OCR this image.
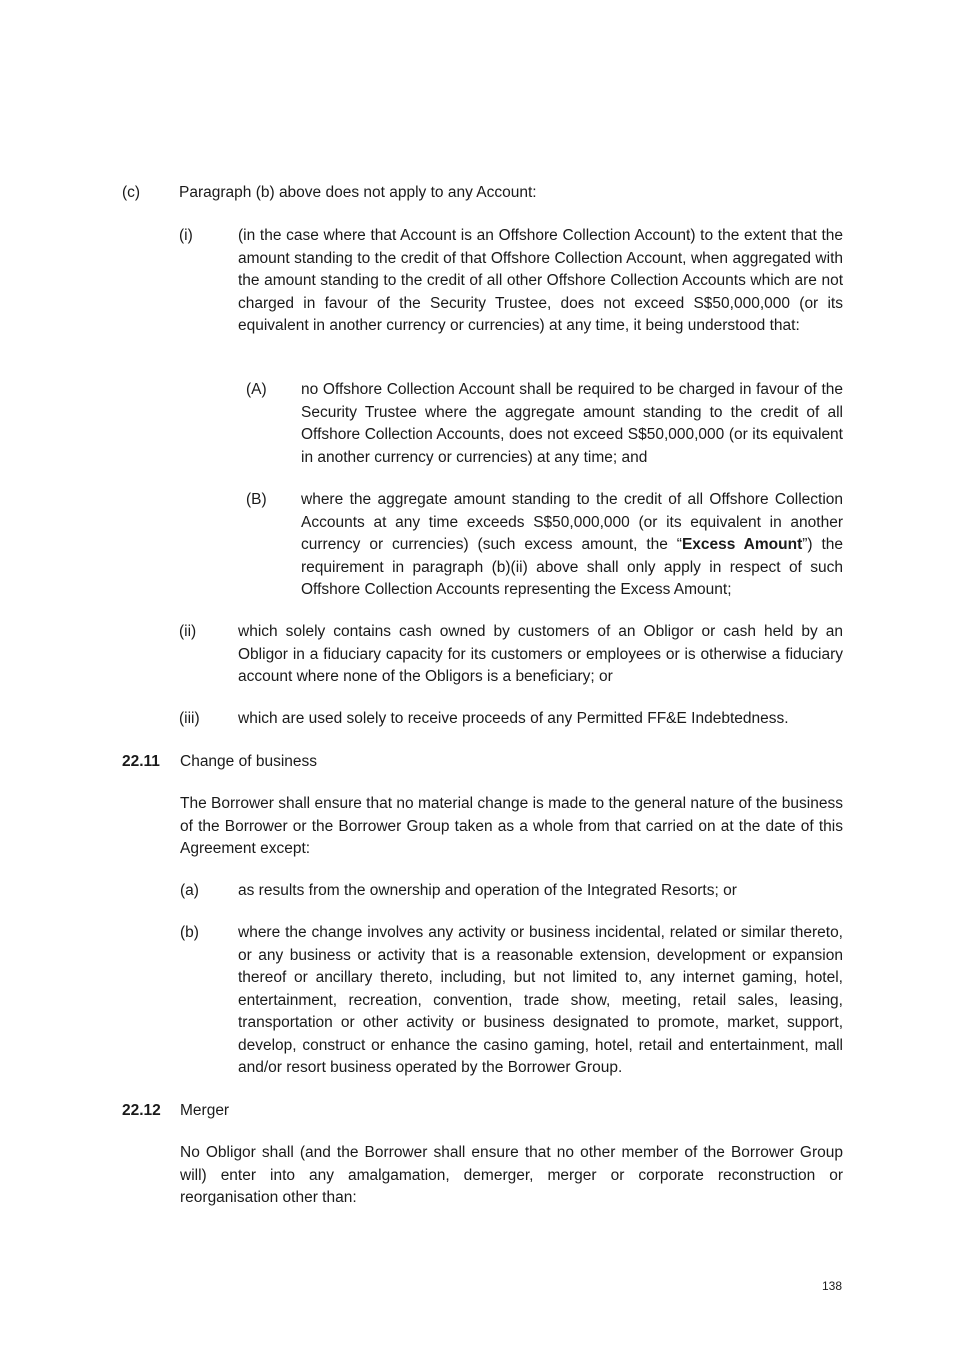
(c)	Paragraph (b) above does not apply to any Account:
(i)	(in the case where that Account is an Offshore Collection Account) to the extent that the amount standing to the credit of that Offshore Collection Account, when aggregated with the amount standing to the credit of all other Offshore Collection Accounts which are not charged in favour of the Security Trustee, does not exceed S$50,000,000 (or its equivalent in another currency or currencies) at any time, it being understood that:
(A) no Offshore Collection Account shall be required to be charged in favour of the Security Trustee where the aggregate amount standing to the credit of all Offshore Collection Accounts, does not exceed S$50,000,000 (or its equivalent in another currency or currencies) at any time; and
(B) where the aggregate amount standing to the credit of all Offshore Collection Accounts at any time exceeds S$50,000,000 (or its equivalent in another currency or currencies) (such excess amount, the “Excess Amount”) the requirement in paragraph (b)(ii) above shall only apply in respect of such Offshore Collection Accounts representing the Excess Amount;
(ii)	which solely contains cash owned by customers of an Obligor or cash held by an Obligor in a fiduciary capacity for its customers or employees or is otherwise a fiduciary account where none of the Obligors is a beneficiary; or
(iii) which are used solely to receive proceeds of any Permitted FF&E Indebtedness.
22.11 Change of business
The Borrower shall ensure that no material change is made to the general nature of the business of the Borrower or the Borrower Group taken as a whole from that carried on at the date of this Agreement except:
(a)	as results from the ownership and operation of the Integrated Resorts; or
(b)	where the change involves any activity or business incidental, related or similar thereto, or any business or activity that is a reasonable extension, development or expansion thereof or ancillary thereto, including, but not limited to, any internet gaming, hotel, entertainment, recreation, convention, trade show, meeting, retail sales, leasing, transportation or other activity or business designated to promote, market, support, develop, construct or enhance the casino gaming, hotel, retail and entertainment, mall and/or resort business operated by the Borrower Group.
22.12 Merger
No Obligor shall (and the Borrower shall ensure that no other member of the Borrower Group will) enter into any amalgamation, demerger, merger or corporate reconstruction or reorganisation other than:
138
